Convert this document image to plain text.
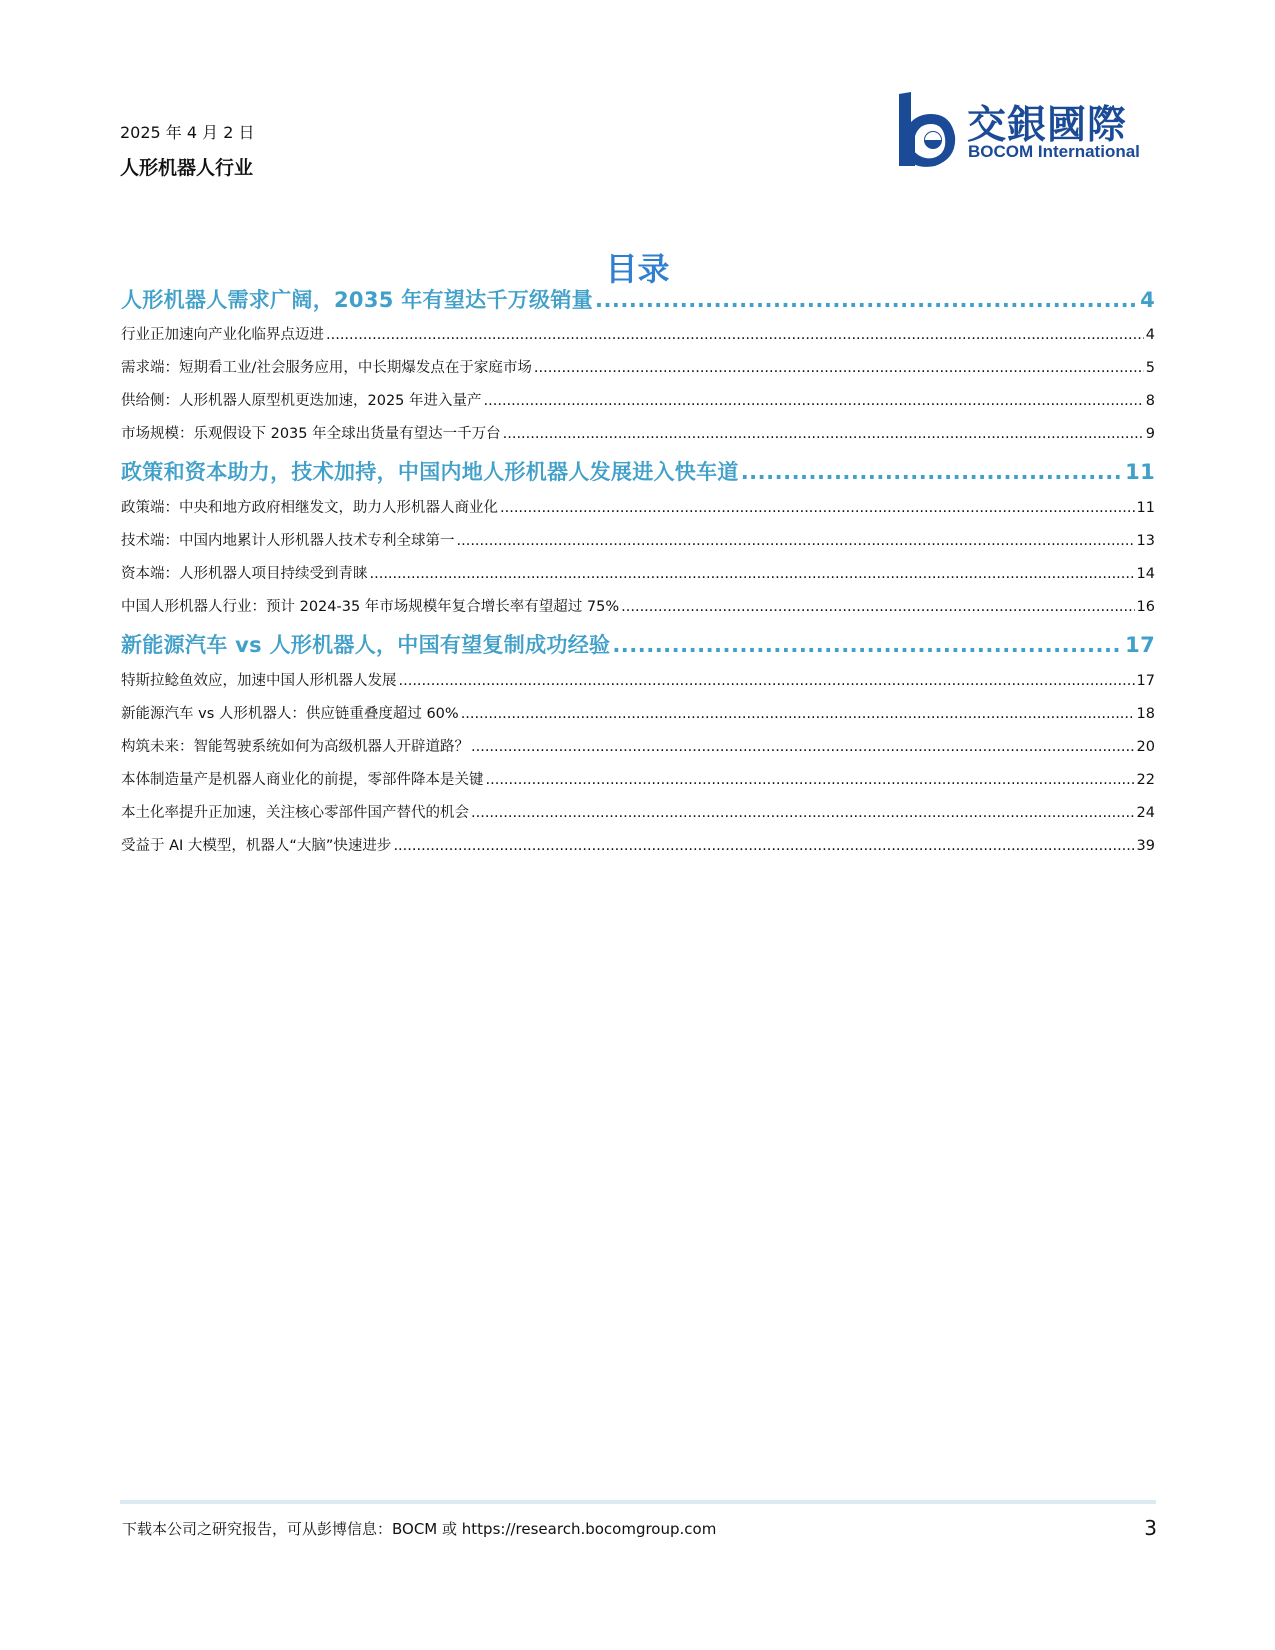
2025 年 4 月 2 日
人形机器人行业
交銀國際
BOCOM International
目录
人形机器人需求广阔，2035 年有望达千万级销量 .....	4
行业正加速向产业化临界点迈进 .....	4
需求端：短期看工业/社会服务应用，中长期爆发点在于家庭市场 .....	5
供给侧：人形机器人原型机更迭加速，2025 年进入量产 .....	8
市场规模：乐观假设下 2035 年全球出货量有望达一千万台 .....	9
政策和资本助力，技术加持，中国内地人形机器人发展进入快车道 .....	11
政策端：中央和地方政府相继发文，助力人形机器人商业化 .....	11
技术端：中国内地累计人形机器人技术专利全球第一 .....	13
资本端：人形机器人项目持续受到青睐 .....	14
中国人形机器人行业：预计 2024-35 年市场规模年复合增长率有望超过 75% .....	16
新能源汽车 vs 人形机器人，中国有望复制成功经验 .....	17
特斯拉鲶鱼效应，加速中国人形机器人发展 .....	17
新能源汽车 vs 人形机器人：供应链重叠度超过 60% .....	18
构筑未来：智能驾驶系统如何为高级机器人开辟道路？ .....	20
本体制造量产是机器人商业化的前提，零部件降本是关键 .....	22
本土化率提升正加速，关注核心零部件国产替代的机会 .....	24
受益于 AI 大模型，机器人“大脑”快速进步 .....	39
下载本公司之研究报告，可从彭博信息：BOCM 或 https://research.bocomgroup.com	3
